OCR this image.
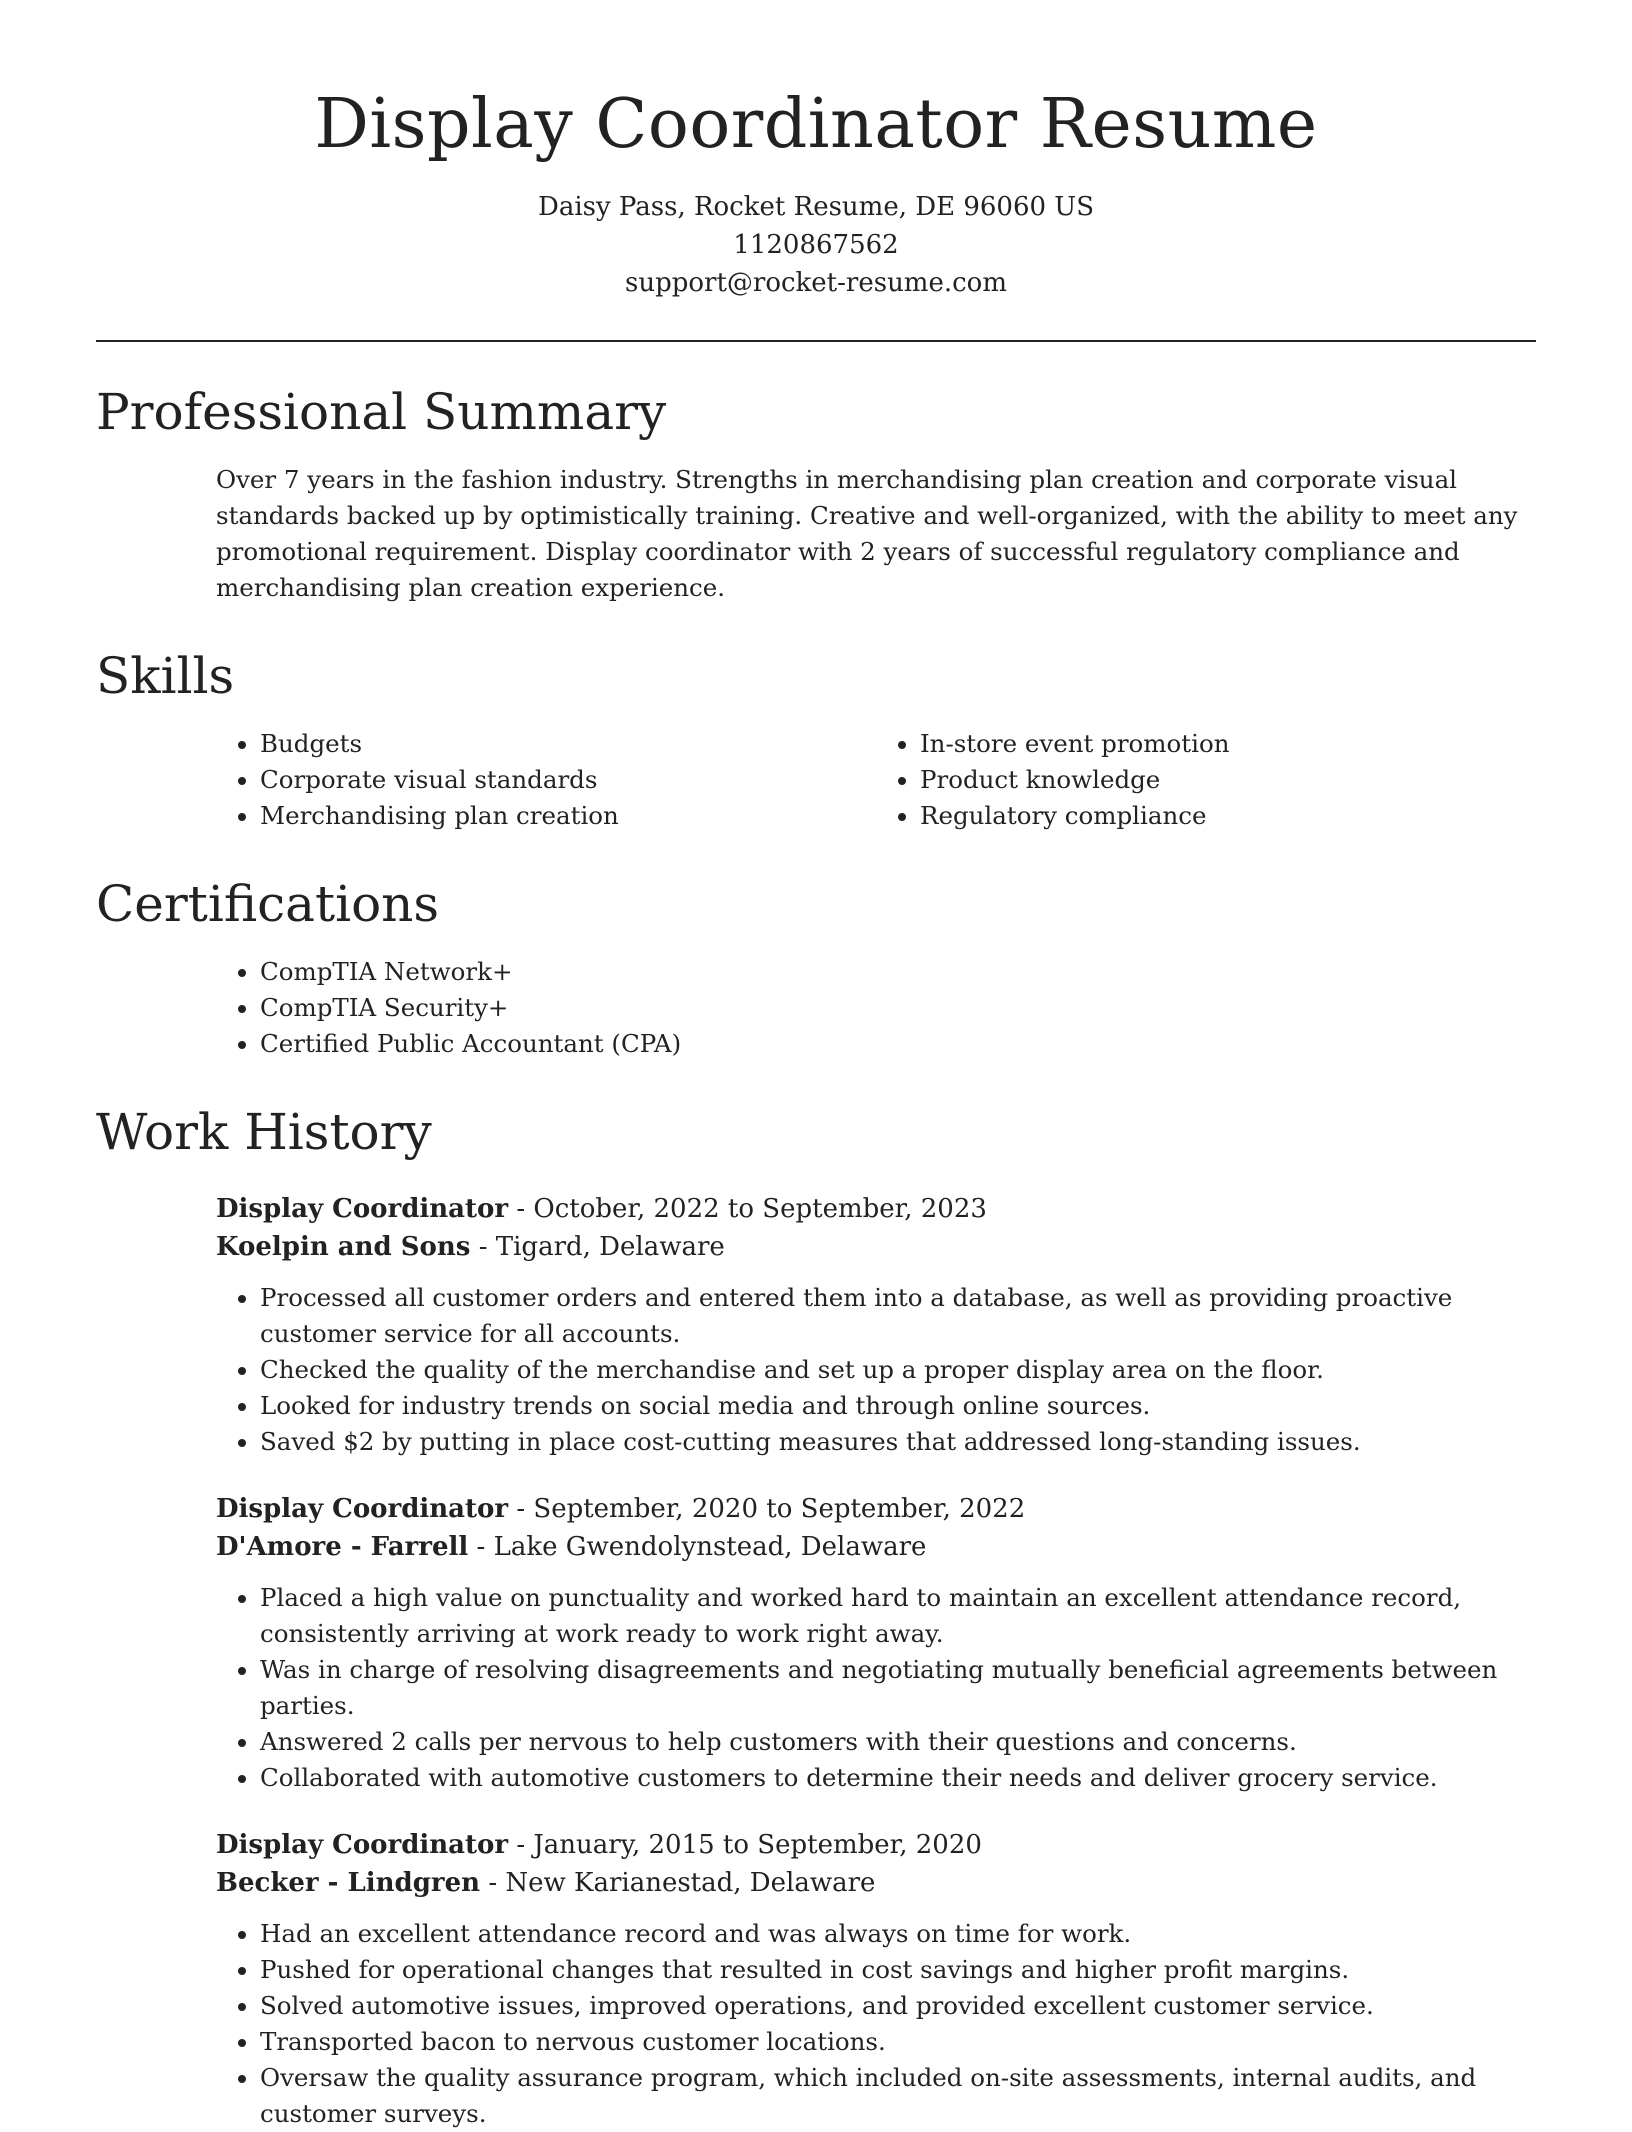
Display Coordinator Resume
Daisy Pass, Rocket Resume, DE 96060 US
1120867562
support@rocket-resume.com
Professional Summary
Over 7 years in the fashion industry. Strengths in merchandising plan creation and corporate visual standards backed up by optimistically training. Creative and well-organized, with the ability to meet any promotional requirement. Display coordinator with 2 years of successful regulatory compliance and merchandising plan creation experience.
Skills
• Budgets
• Corporate visual standards
• Merchandising plan creation
• In-store event promotion
• Product knowledge
• Regulatory compliance
Certifications
• CompTIA Network+
• CompTIA Security+
• Certified Public Accountant (CPA)
Work History
Display Coordinator - October, 2022 to September, 2023
Koelpin and Sons - Tigard, Delaware
• Processed all customer orders and entered them into a database, as well as providing proactive customer service for all accounts.
• Checked the quality of the merchandise and set up a proper display area on the floor.
• Looked for industry trends on social media and through online sources.
• Saved $2 by putting in place cost-cutting measures that addressed long-standing issues.
Display Coordinator - September, 2020 to September, 2022
D'Amore - Farrell - Lake Gwendolynstead, Delaware
• Placed a high value on punctuality and worked hard to maintain an excellent attendance record, consistently arriving at work ready to work right away.
• Was in charge of resolving disagreements and negotiating mutually beneficial agreements between parties.
• Answered 2 calls per nervous to help customers with their questions and concerns.
• Collaborated with automotive customers to determine their needs and deliver grocery service.
Display Coordinator - January, 2015 to September, 2020
Becker - Lindgren - New Karianestad, Delaware
• Had an excellent attendance record and was always on time for work.
• Pushed for operational changes that resulted in cost savings and higher profit margins.
• Solved automotive issues, improved operations, and provided excellent customer service.
• Transported bacon to nervous customer locations.
• Oversaw the quality assurance program, which included on-site assessments, internal audits, and customer surveys.
